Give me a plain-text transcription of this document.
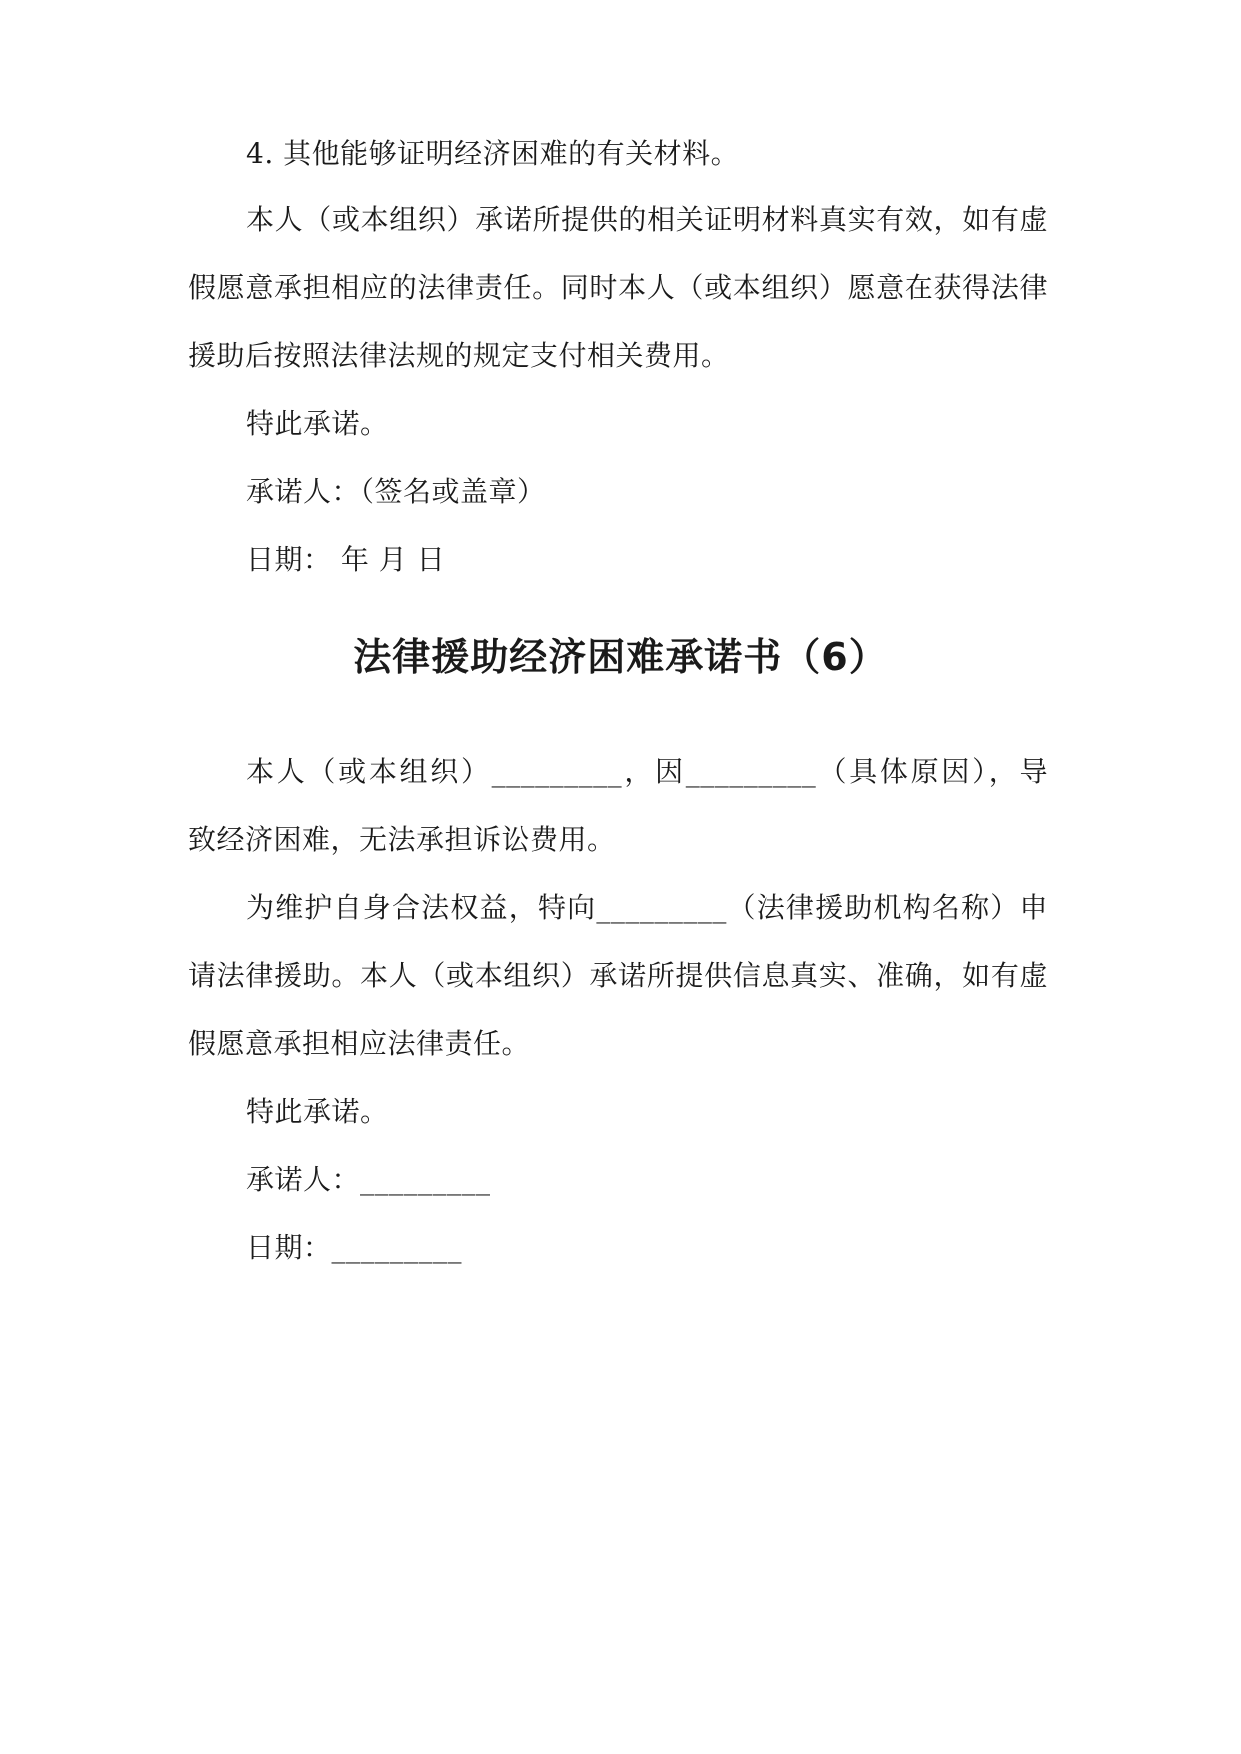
4. 其他能够证明经济困难的有关材料。
本人（或本组织）承诺所提供的相关证明材料真实有效，如有虚
假愿意承担相应的法律责任。同时本人（或本组织）愿意在获得法律
援助后按照法律法规的规定支付相关费用。
特此承诺。
承诺人：（签名或盖章）
日期： 年 月 日
法律援助经济困难承诺书（6）
本人（或本组织）_________，因_________（具体原因），导
致经济困难，无法承担诉讼费用。
为维护自身合法权益，特向_________（法律援助机构名称）申
请法律援助。本人（或本组织）承诺所提供信息真实、准确，如有虚
假愿意承担相应法律责任。
特此承诺。
承诺人：_________
日期：_________
